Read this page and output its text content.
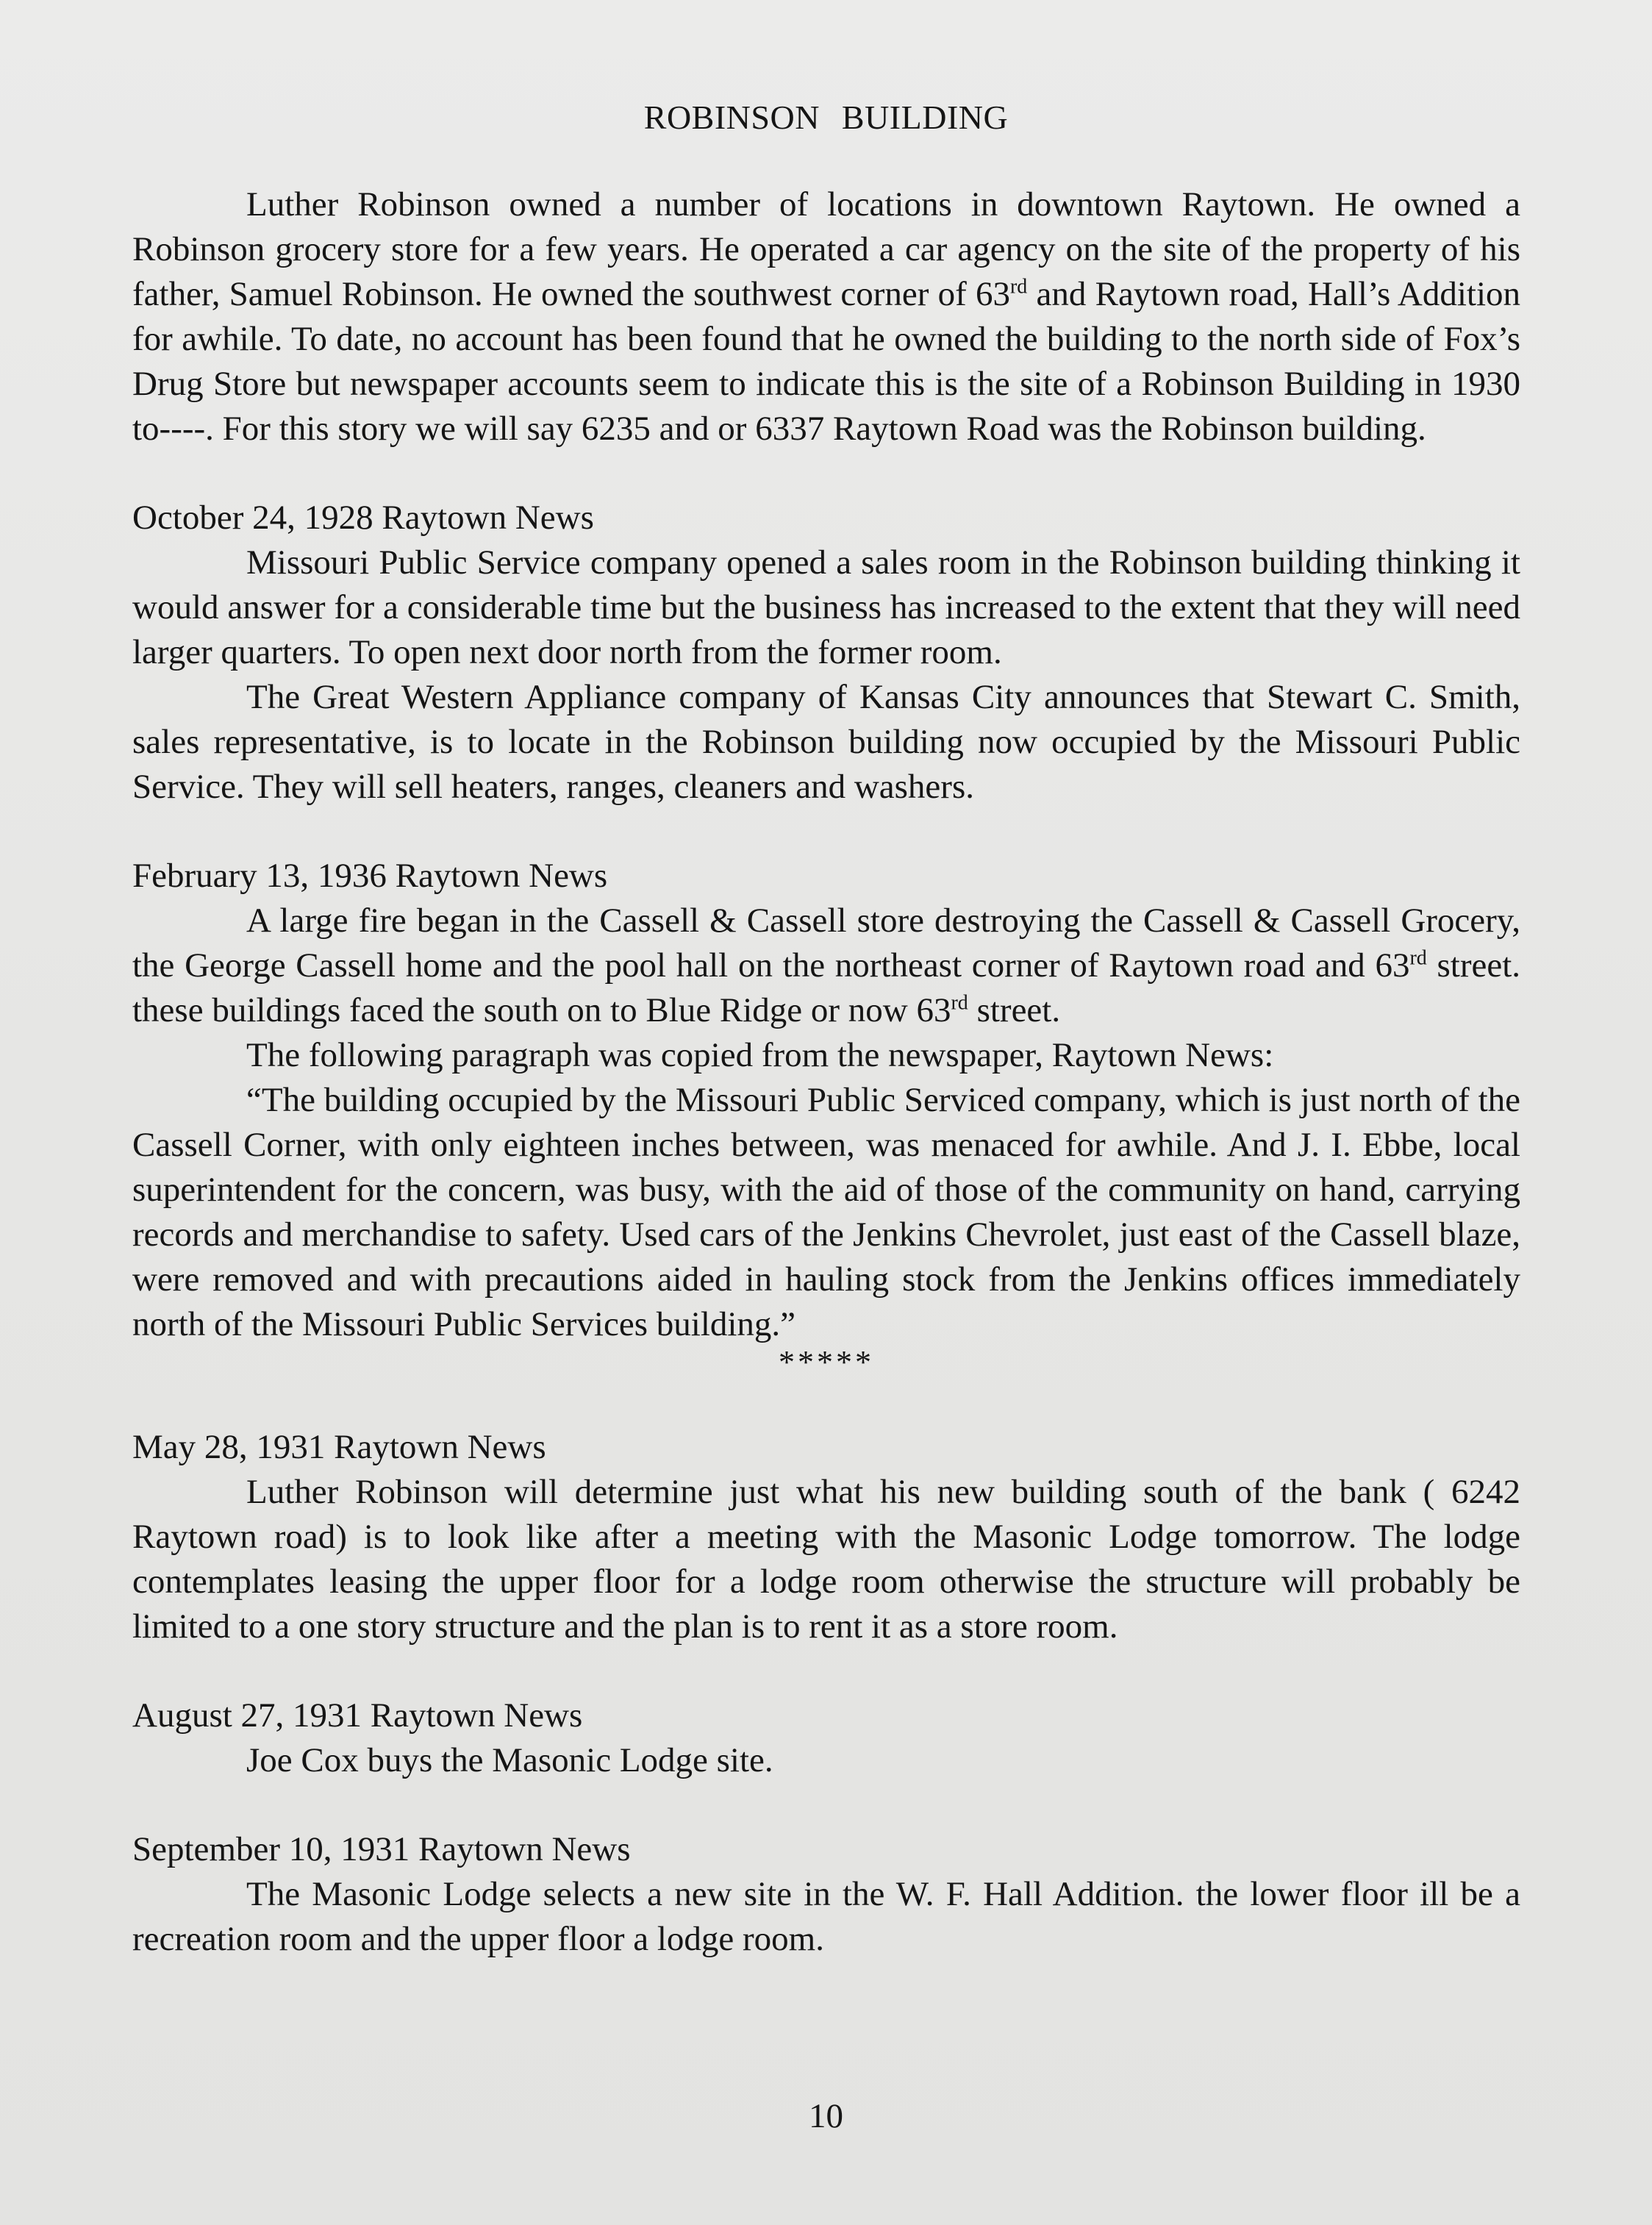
ROBINSON BUILDING

Luther Robinson owned a number of locations in downtown Raytown. He owned a Robinson grocery store for a few years. He operated a car agency on the site of the property of his father, Samuel Robinson. He owned the southwest corner of 63rd and Raytown road, Hall’s Addition for awhile. To date, no account has been found that he owned the building to the north side of Fox’s Drug Store but newspaper accounts seem to indicate this is the site of a Robinson Building in 1930 to----. For this story we will say 6235 and or 6337 Raytown Road was the Robinson building.

October 24, 1928 Raytown News

Missouri Public Service company opened a sales room in the Robinson building thinking it would answer for a considerable time but the business has increased to the extent that they will need larger quarters. To open next door north from the former room.

The Great Western Appliance company of Kansas City announces that Stewart C. Smith, sales representative, is to locate in the Robinson building now occupied by the Missouri Public Service. They will sell heaters, ranges, cleaners and washers.

February 13, 1936 Raytown News

A large fire began in the Cassell & Cassell store destroying the Cassell & Cassell Grocery, the George Cassell home and the pool hall on the northeast corner of Raytown road and 63rd street. these buildings faced the south on to Blue Ridge or now 63rd street.

The following paragraph was copied from the newspaper, Raytown News:

“The building occupied by the Missouri Public Serviced company, which is just north of the Cassell Corner, with only eighteen inches between, was menaced for awhile. And J. I. Ebbe, local superintendent for the concern, was busy, with the aid of those of the community on hand, carrying records and merchandise to safety. Used cars of the Jenkins Chevrolet, just east of the Cassell blaze, were removed and with precautions aided in hauling stock from the Jenkins offices immediately north of the Missouri Public Services building.”

*****

May 28, 1931 Raytown News

Luther Robinson will determine just what his new building south of the bank ( 6242 Raytown road) is to look like after a meeting with the Masonic Lodge tomorrow. The lodge contemplates leasing the upper floor for a lodge room otherwise the structure will probably be limited to a one story structure and the plan is to rent it as a store room.

August 27, 1931 Raytown News

Joe Cox buys the Masonic Lodge site.

September 10, 1931 Raytown News

The Masonic Lodge selects a new site in the W. F. Hall Addition. the lower floor ill be a recreation room and the upper floor a lodge room.

10
